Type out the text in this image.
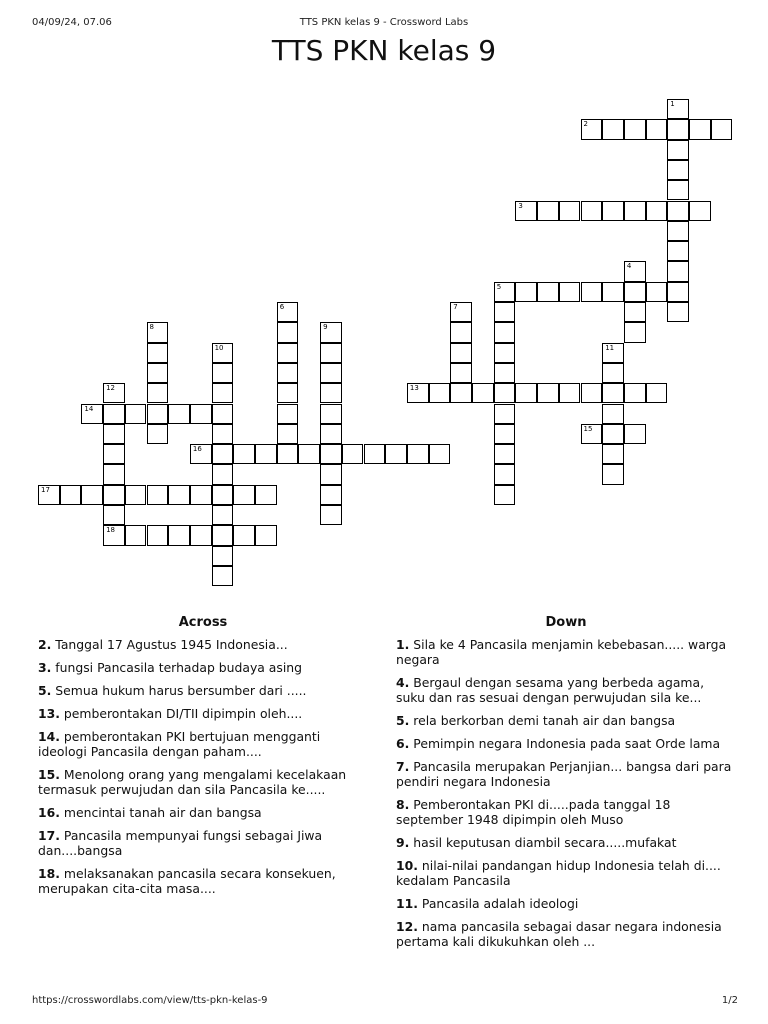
04/09/24, 07.06	TTS PKN kelas 9 - Crossword Labs
TTS PKN kelas 9
1
2
3
4
5
6	7
8	9
10	11
12
18
13
14
15
16
17
Across
2. Tanggal 17 Agustus 1945 Indonesia...
3. fungsi Pancasila terhadap budaya asing
5. Semua hukum harus bersumber dari .....
13. pemberontakan DI/TII dipimpin oleh....
14. pemberontakan PKI bertujuan mengganti ideologi Pancasila dengan paham....
15. Menolong orang yang mengalami kecelakaan termasuk perwujudan dan sila Pancasila ke.....
16. mencintai tanah air dan bangsa
17. Pancasila mempunyai fungsi sebagai Jiwa dan....bangsa
18. melaksanakan pancasila secara konsekuen, merupakan cita-cita masa....
Down
1. Sila ke 4 Pancasila menjamin kebebasan..... warga negara
4. Bergaul dengan sesama yang berbeda agama, suku dan ras sesuai dengan perwujudan sila ke...
5. rela berkorban demi tanah air dan bangsa
6. Pemimpin negara Indonesia pada saat Orde lama
7. Pancasila merupakan Perjanjian... bangsa dari para pendiri negara Indonesia
8. Pemberontakan PKI di.....pada tanggal 18 september 1948 dipimpin oleh Muso
9. hasil keputusan diambil secara.....mufakat
10. nilai-nilai pandangan hidup Indonesia telah di.... kedalam Pancasila
11. Pancasila adalah ideologi
12. nama pancasila sebagai dasar negara indonesia pertama kali dikukuhkan oleh ...
https://crosswordlabs.com/view/tts-pkn-kelas-9	1/2
